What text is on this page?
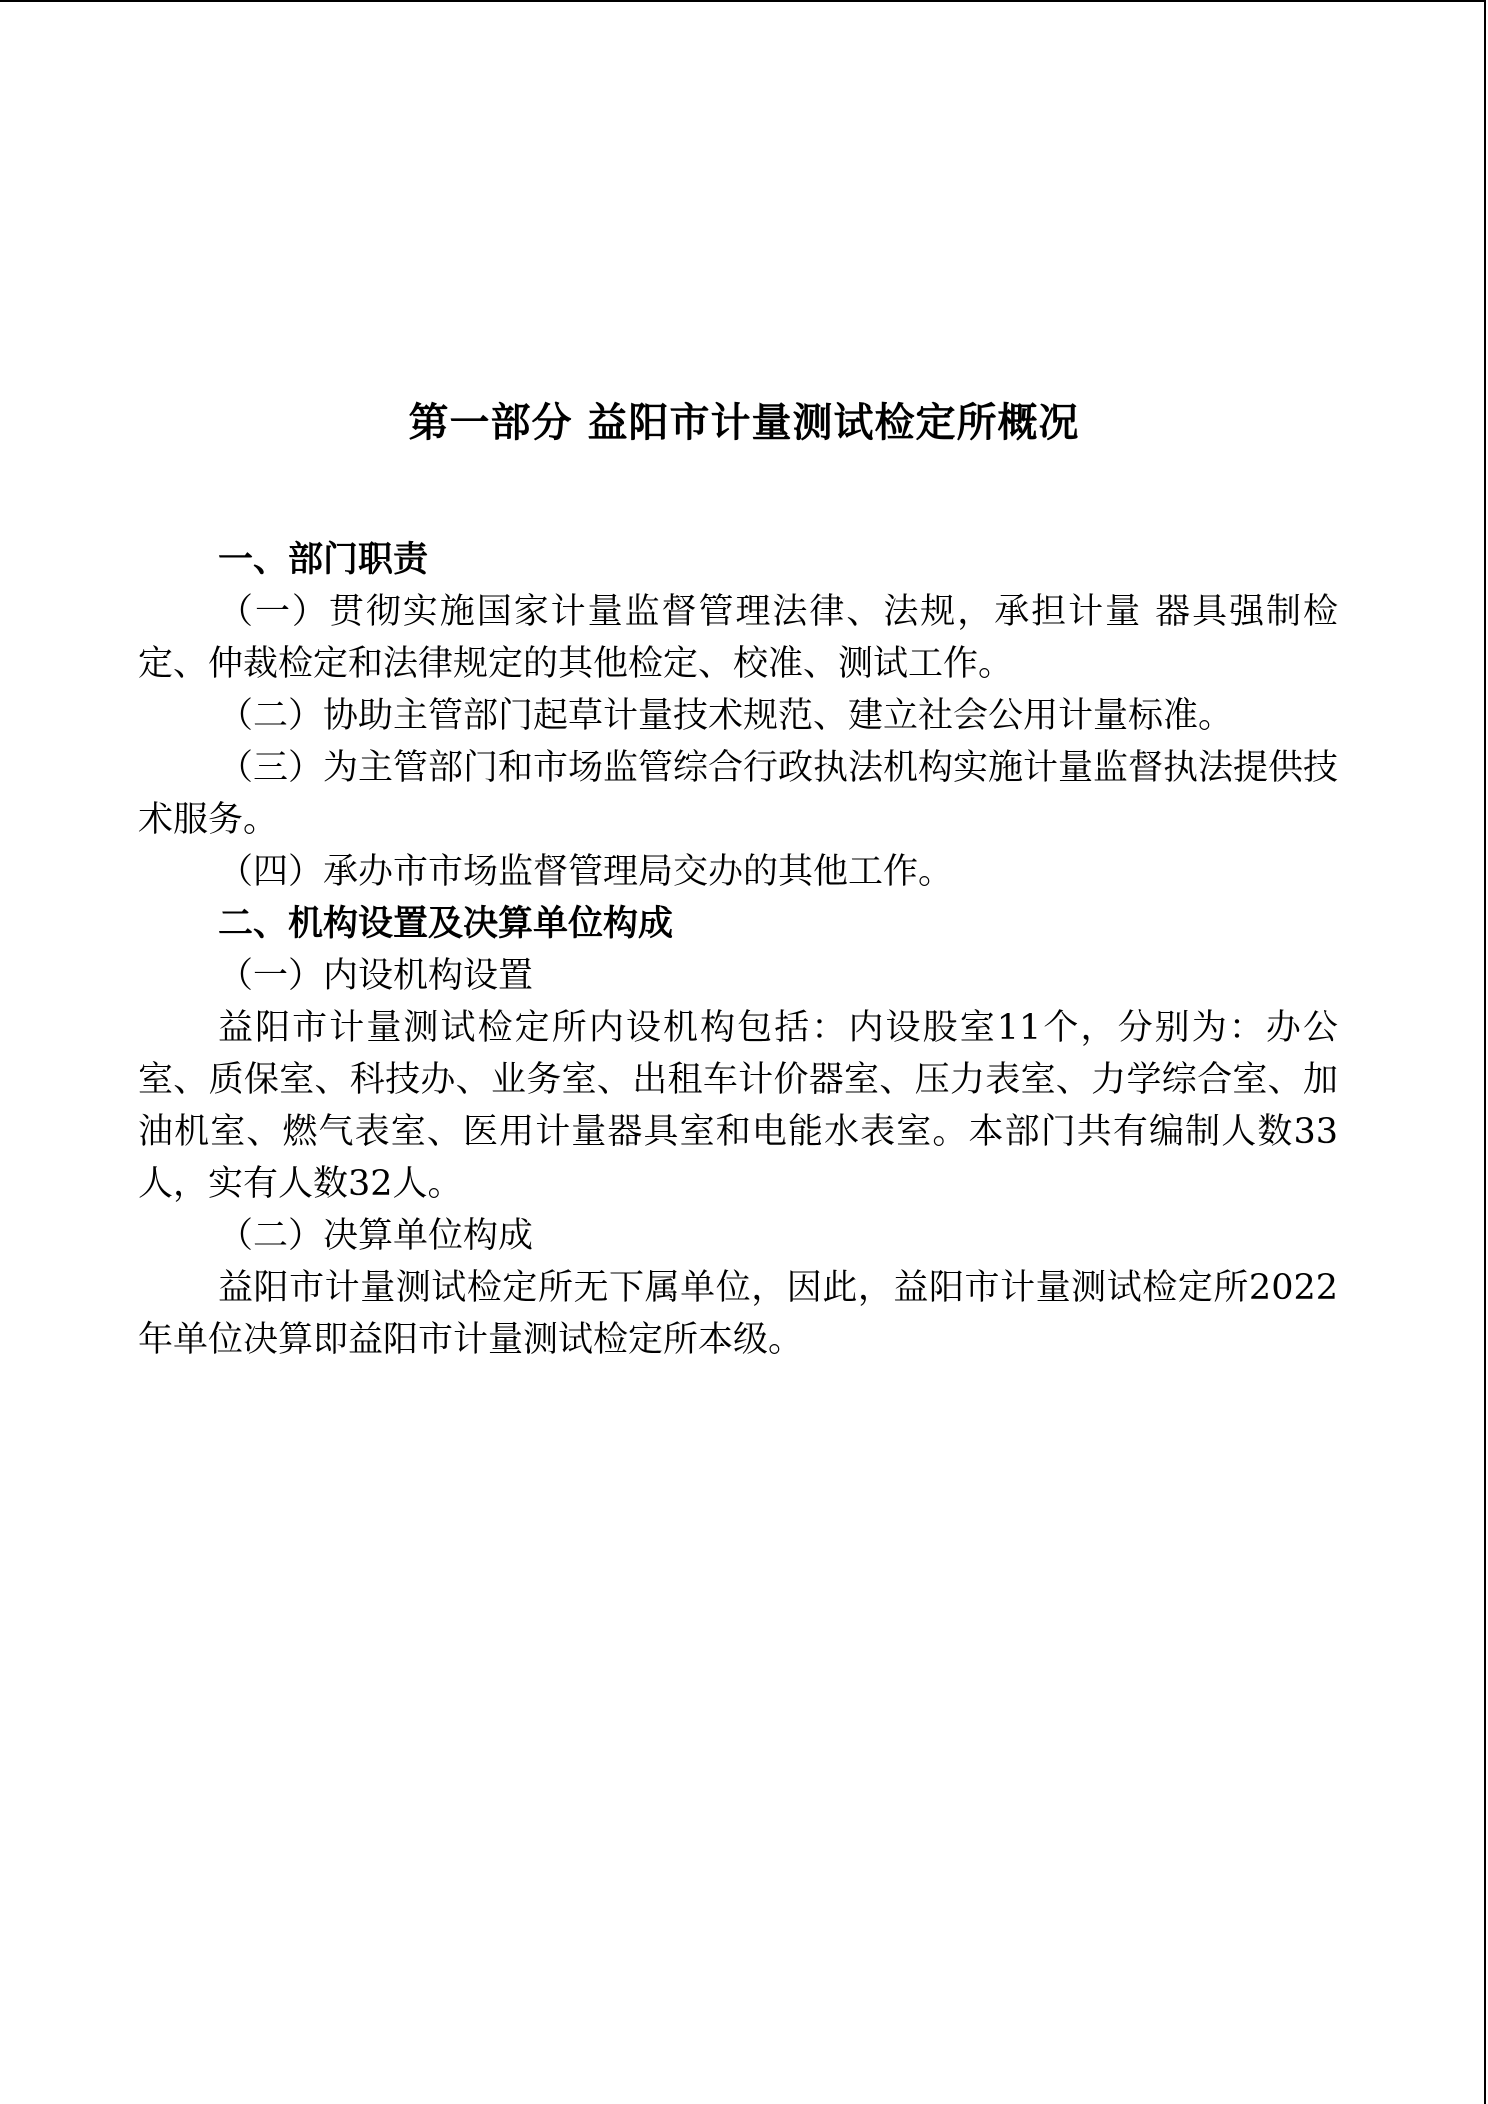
第一部分 益阳市计量测试检定所概况

一、部门职责

（一）贯彻实施国家计量监督管理法律、法规，承担计量 器具强制检定、仲裁检定和法律规定的其他检定、校准、测试工作。

（二）协助主管部门起草计量技术规范、建立社会公用计量标准。

（三）为主管部门和市场监管综合行政执法机构实施计量监督执法提供技术服务。

（四）承办市市场监督管理局交办的其他工作。

二、机构设置及决算单位构成

（一）内设机构设置

益阳市计量测试检定所内设机构包括：内设股室11个，分别为：办公室、质保室、科技办、业务室、出租车计价器室、压力表室、力学综合室、加油机室、燃气表室、医用计量器具室和电能水表室。本部门共有编制人数33人，实有人数32人。

（二）决算单位构成

益阳市计量测试检定所无下属单位，因此，益阳市计量测试检定所2022年单位决算即益阳市计量测试检定所本级。
